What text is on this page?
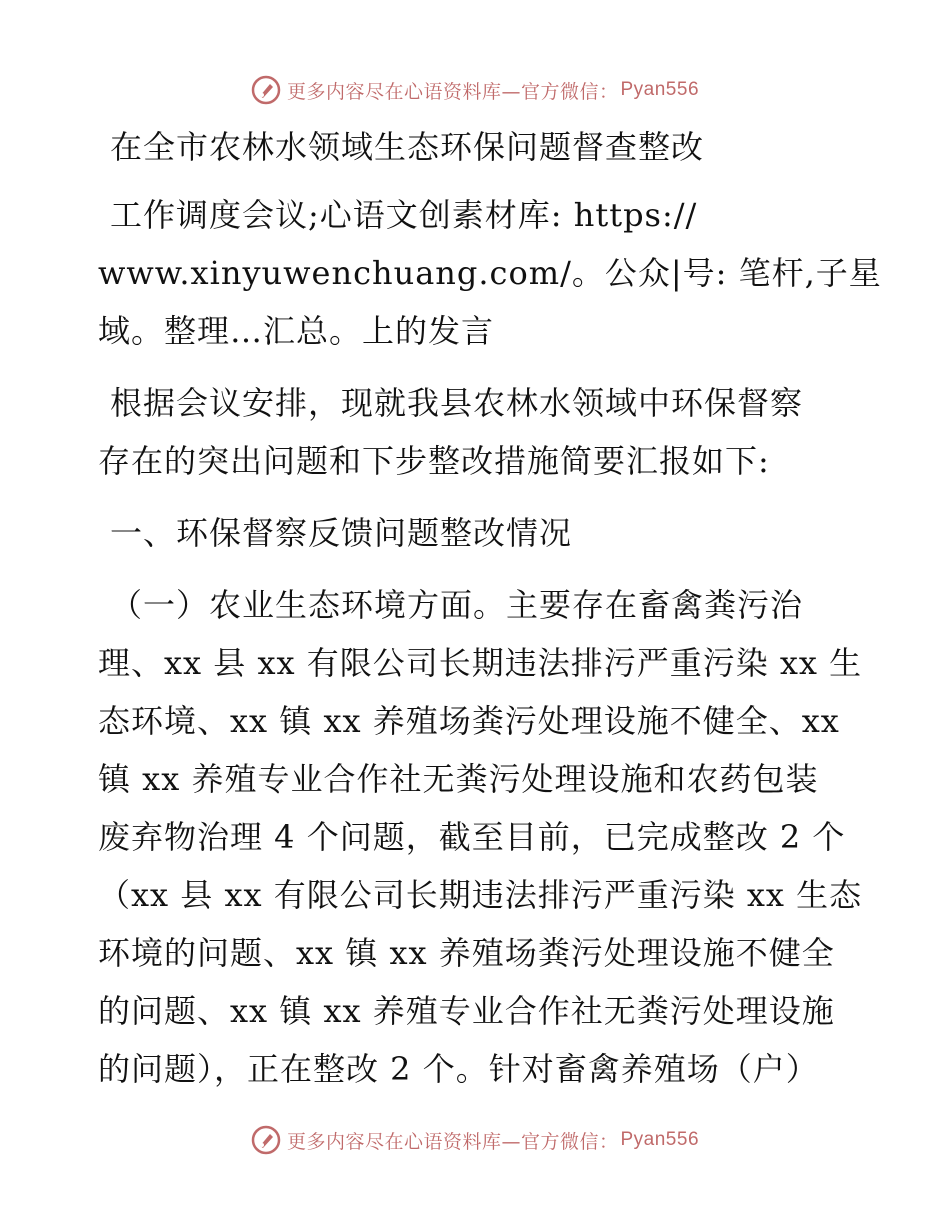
更多内容尽在心语资料库—官方微信： Pyan556
在全市农林水领域生态环保问题督查整改
工作调度会议;心语文创素材库: https://
www.xinyuwenchuang.com/。公众|号: 笔杆,子星
域。整理…汇总。上的发言
根据会议安排，现就我县农林水领域中环保督察
存在的突出问题和下步整改措施简要汇报如下:
一、环保督察反馈问题整改情况
（一）农业生态环境方面。主要存在畜禽粪污治
理、xx 县 xx 有限公司长期违法排污严重污染 xx 生
态环境、xx 镇 xx 养殖场粪污处理设施不健全、xx
镇 xx 养殖专业合作社无粪污处理设施和农药包装
废弃物治理 4 个问题，截至目前，已完成整改 2 个
（xx 县 xx 有限公司长期违法排污严重污染 xx 生态
环境的问题、xx 镇 xx 养殖场粪污处理设施不健全
的问题、xx 镇 xx 养殖专业合作社无粪污处理设施
的问题），正在整改 2 个。针对畜禽养殖场（户）
更多内容尽在心语资料库—官方微信： Pyan556
